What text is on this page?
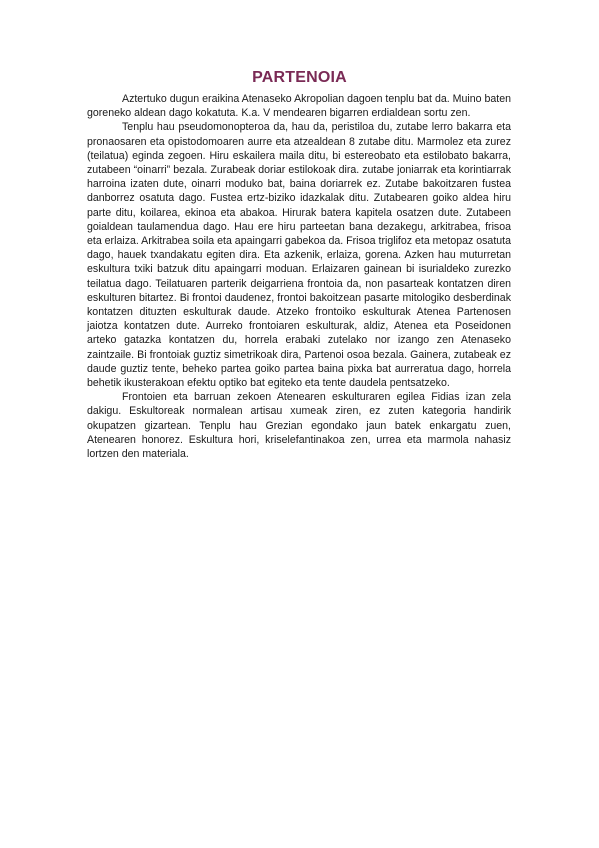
PARTENOIA

Aztertuko dugun eraikina Atenaseko Akropolian dagoen tenplu bat da. Muino baten goreneko aldean dago kokatuta. K.a. V mendearen bigarren erdialdean sortu zen.

Tenplu hau pseudomonopteroa da, hau da, peristiloa du, zutabe lerro bakarra eta pronaosaren eta opistodomoaren aurre eta atzealdean 8 zutabe ditu. Marmolez eta zurez (teilatua) eginda zegoen. Hiru eskailera maila ditu, bi estereobato eta estilobato bakarra, zutabeen “oinarri” bezala. Zurabeak doriar estilokoak dira. zutabe joniarrak eta korintiarrak harroina izaten dute, oinarri moduko bat, baina doriarrek ez. Zutabe bakoitzaren fustea danborrez osatuta dago. Fustea ertz-biziko idazkalak ditu. Zutabearen goiko aldea hiru parte ditu, koilarea, ekinoa eta abakoa. Hirurak batera kapitela osatzen dute. Zutabeen goialdean taulamendua dago. Hau ere hiru parteetan bana dezakegu, arkitrabea, frisoa eta erlaiza. Arkitrabea soila eta apaingarri gabekoa da. Frisoa triglifoz eta metopaz osatuta dago, hauek txandakatu egiten dira. Eta azkenik, erlaiza, gorena. Azken hau muturretan eskultura txiki batzuk ditu apaingarri moduan. Erlaizaren gainean bi isurialdeko zurezko teilatua dago. Teilatuaren parterik deigarriena frontoia da, non pasarteak kontatzen diren eskulturen bitartez. Bi frontoi daudenez, frontoi bakoitzean pasarte mitologiko desberdinak kontatzen dituzten eskulturak daude. Atzeko frontoiko eskulturak Atenea Partenosen jaiotza kontatzen dute. Aurreko frontoiaren eskulturak, aldiz, Atenea eta Poseidonen arteko gatazka kontatzen du, horrela erabaki zutelako nor izango zen Atenaseko zaintzaile. Bi frontoiak guztiz simetrikoak dira, Partenoi osoa bezala. Gainera, zutabeak ez daude guztiz tente, beheko partea goiko partea baina pixka bat aurreratua dago, horrela behetik ikusterakoan efektu optiko bat egiteko eta tente daudela pentsatzeko.

Frontoien eta barruan zekoen Atenearen eskulturaren egilea Fidias izan zela dakigu. Eskultoreak normalean artisau xumeak ziren, ez zuten kategoria handirik okupatzen gizartean. Tenplu hau Grezian egondako jaun batek enkargatu zuen, Atenearen honorez. Eskultura hori, kriselefantinakoa zen, urrea eta marmola nahasiz lortzen den materiala.
